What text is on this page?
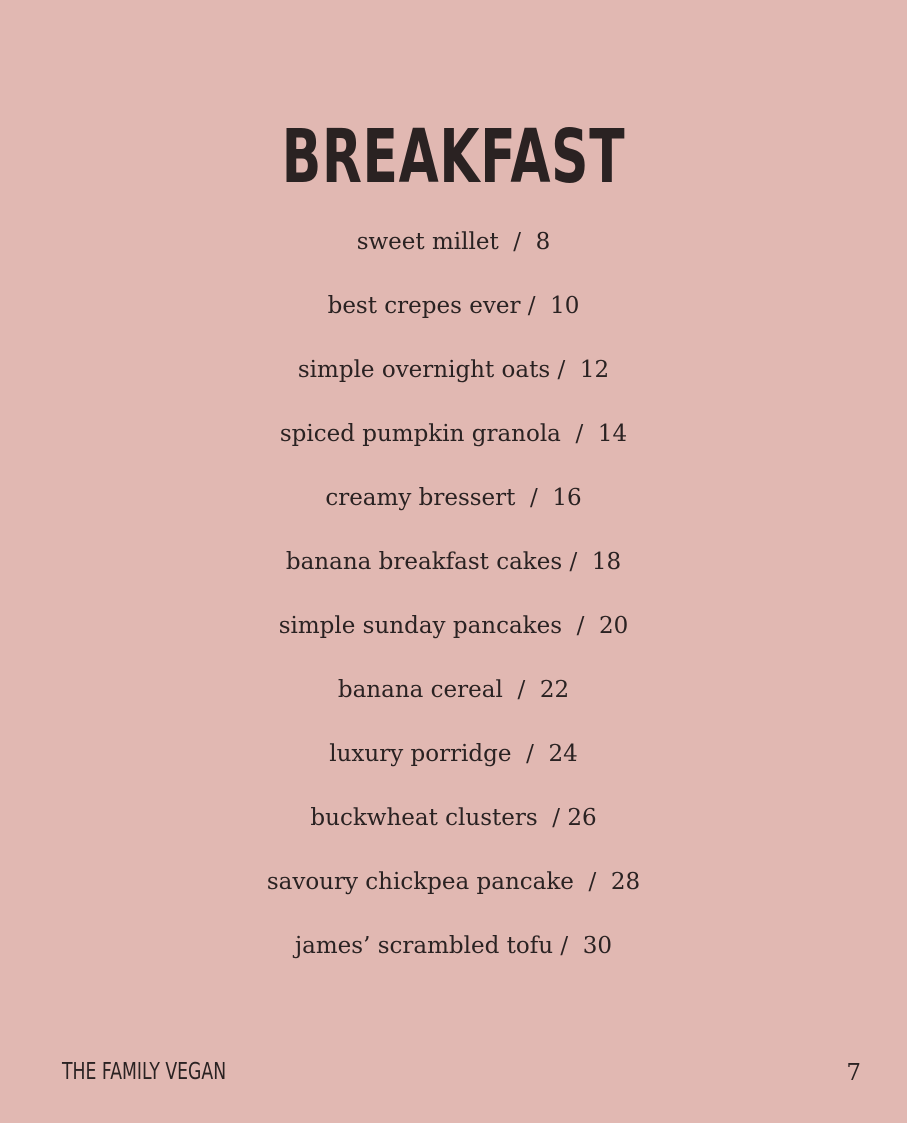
BREAKFAST
sweet millet  /  8
best crepes ever /  10
simple overnight oats /  12
spiced pumpkin granola  /  14
creamy bressert  /  16
banana breakfast cakes /  18
simple sunday pancakes  /  20
banana cereal  /  22
luxury porridge  /  24
buckwheat clusters  / 26
savoury chickpea pancake  /  28
james’ scrambled tofu /  30
THE FAMILY VEGAN	7
